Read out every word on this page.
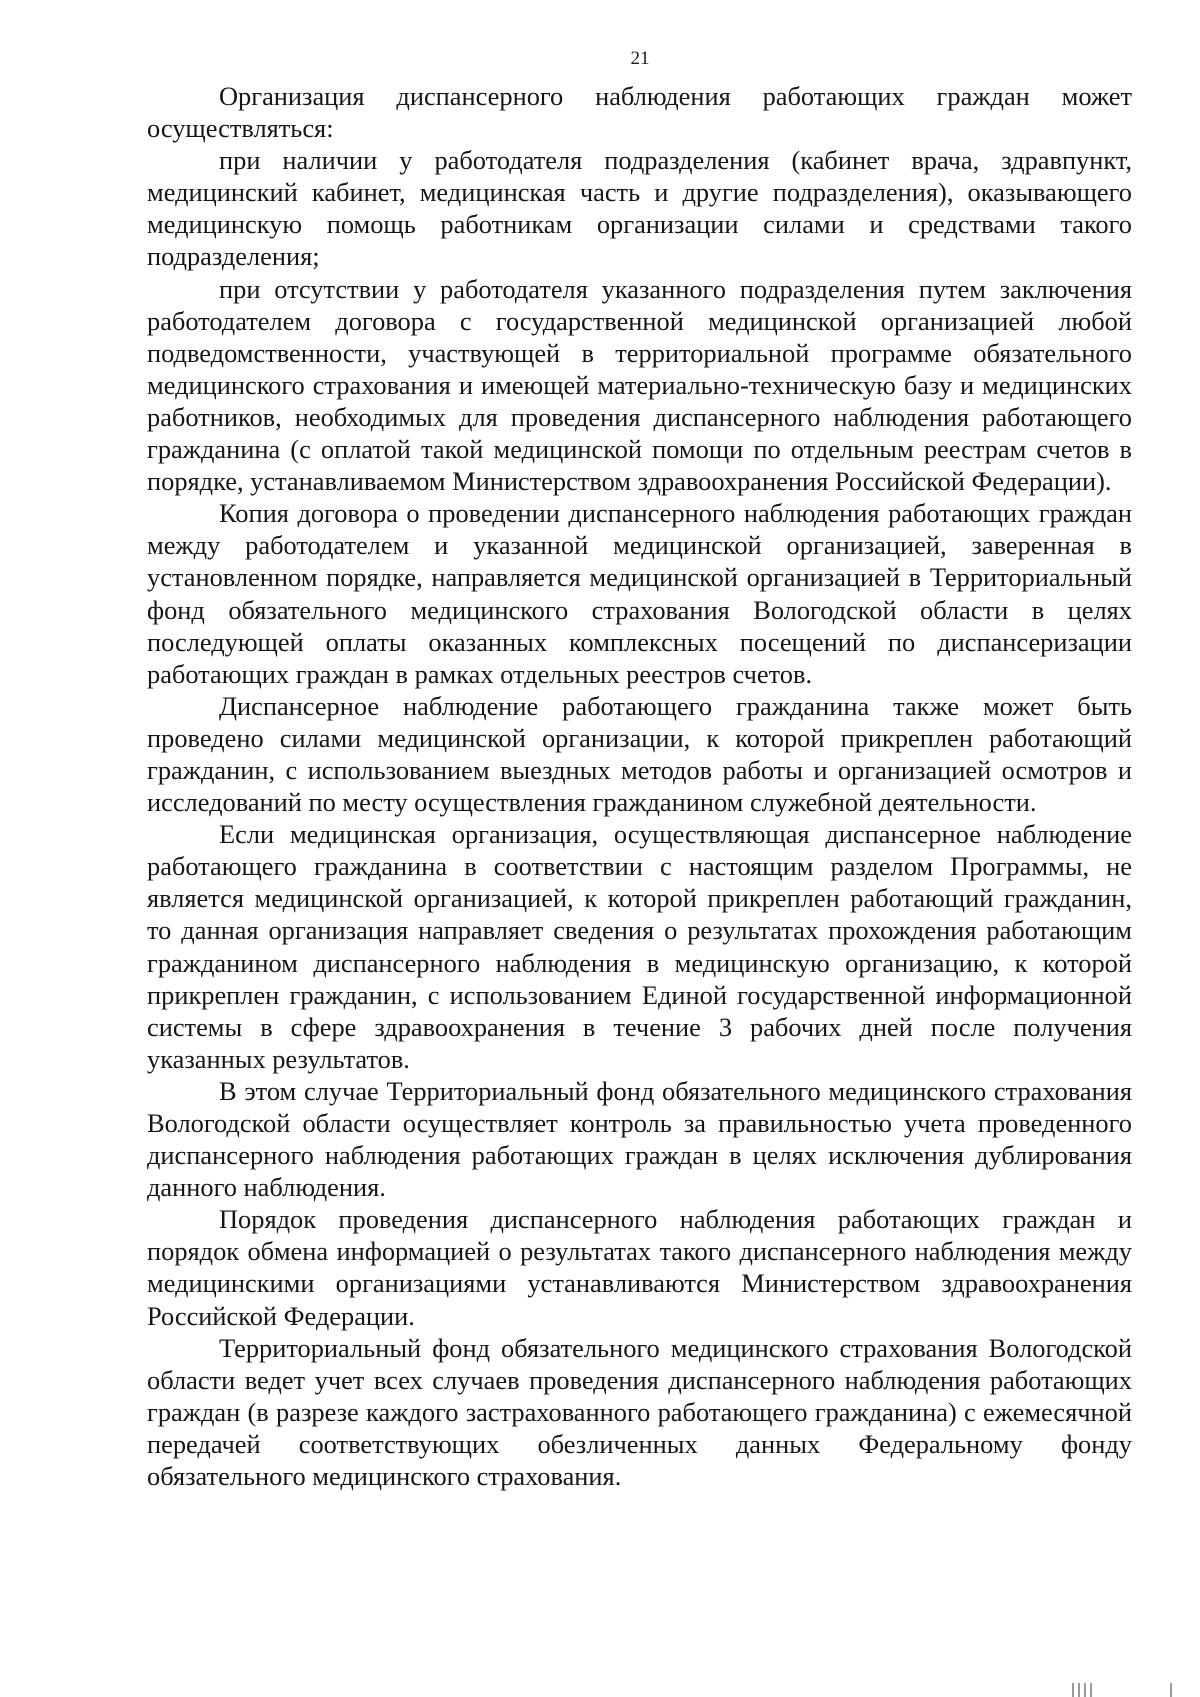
21

Организация диспансерного наблюдения работающих граждан может осуществляться:

при наличии у работодателя подразделения (кабинет врача, здравпункт, медицинский кабинет, медицинская часть и другие подразделения), оказывающего медицинскую помощь работникам организации силами и средствами такого подразделения;

при отсутствии у работодателя указанного подразделения путем заключения работодателем договора с государственной медицинской организацией любой подведомственности, участвующей в территориальной программе обязательного медицинского страхования и имеющей материально-техническую базу и медицинских работников, необходимых для проведения диспансерного наблюдения работающего гражданина (с оплатой такой медицинской помощи по отдельным реестрам счетов в порядке, устанавливаемом Министерством здравоохранения Российской Федерации).

Копия договора о проведении диспансерного наблюдения работающих граждан между работодателем и указанной медицинской организацией, заверенная в установленном порядке, направляется медицинской организацией в Территориальный фонд обязательного медицинского страхования Вологодской области в целях последующей оплаты оказанных комплексных посещений по диспансеризации работающих граждан в рамках отдельных реестров счетов.

Диспансерное наблюдение работающего гражданина также может быть проведено силами медицинской организации, к которой прикреплен работающий гражданин, с использованием выездных методов работы и организацией осмотров и исследований по месту осуществления гражданином служебной деятельности.

Если медицинская организация, осуществляющая диспансерное наблюдение работающего гражданина в соответствии с настоящим разделом Программы, не является медицинской организацией, к которой прикреплен работающий гражданин, то данная организация направляет сведения о результатах прохождения работающим гражданином диспансерного наблюдения в медицинскую организацию, к которой прикреплен гражданин, с использованием Единой государственной информационной системы в сфере здравоохранения в течение 3 рабочих дней после получения указанных результатов.

В этом случае Территориальный фонд обязательного медицинского страхования Вологодской области осуществляет контроль за правильностью учета проведенного диспансерного наблюдения работающих граждан в целях исключения дублирования данного наблюдения.

Порядок проведения диспансерного наблюдения работающих граждан и порядок обмена информацией о результатах такого диспансерного наблюдения между медицинскими организациями устанавливаются Министерством здравоохранения Российской Федерации.

Территориальный фонд обязательного медицинского страхования Вологодской области ведет учет всех случаев проведения диспансерного наблюдения работающих граждан (в разрезе каждого застрахованного работающего гражданина) с ежемесячной передачей соответствующих обезличенных данных Федеральному фонду обязательного медицинского страхования.
